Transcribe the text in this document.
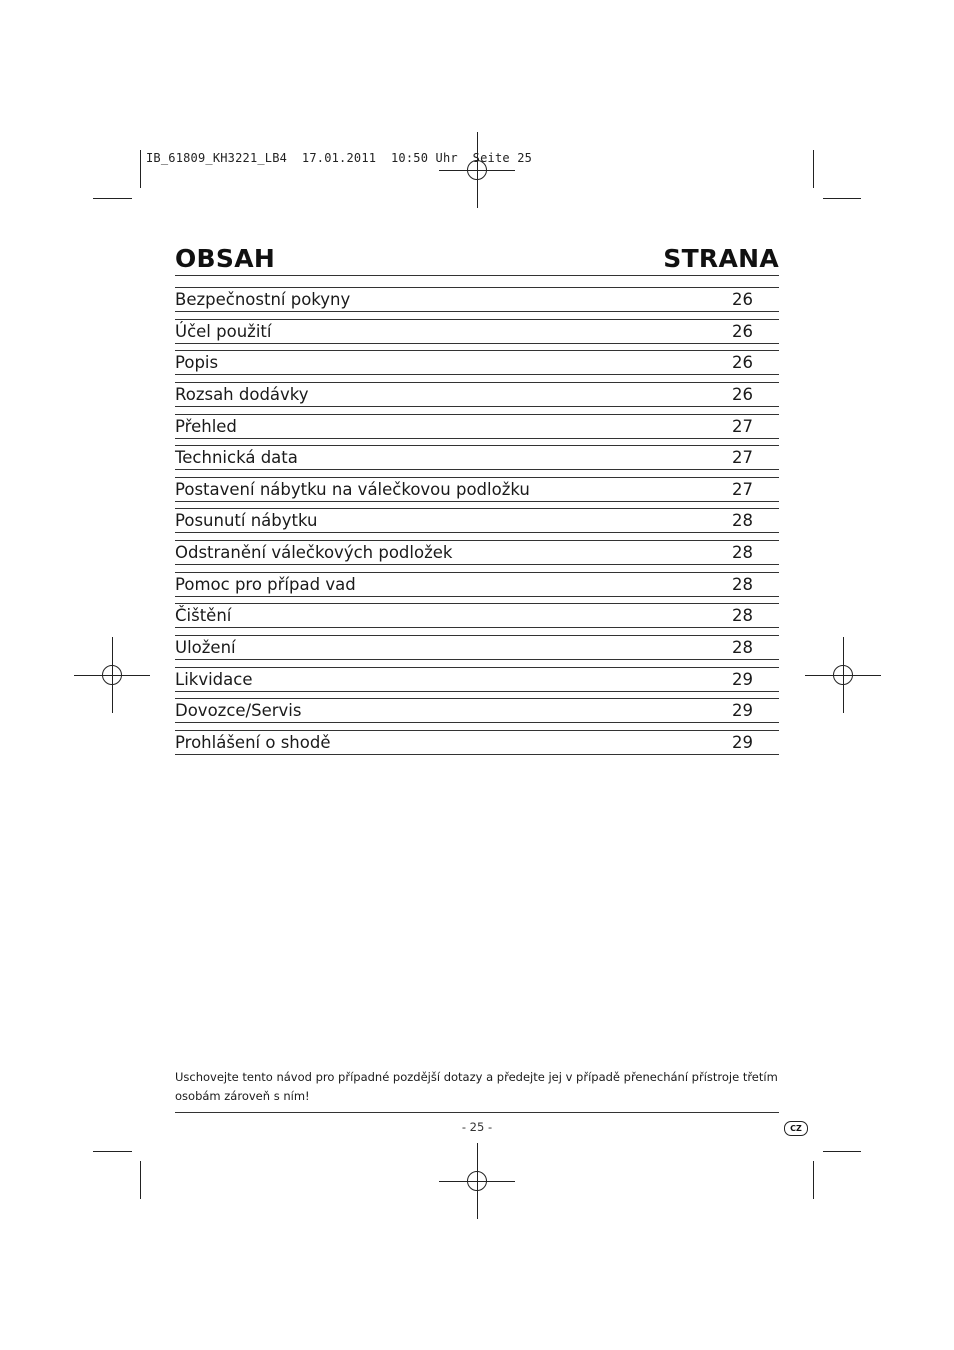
IB_61809_KH3221_LB4  17.01.2011  10:50 Uhr  Seite 25
OBSAH	STRANA
Bezpečnostní pokyny	26
Účel použití	26
Popis	26
Rozsah dodávky	26
Přehled	27
Technická data	27
Postavení nábytku na válečkovou podložku	27
Posunutí nábytku	28
Odstranění válečkových podložek	28
Pomoc pro případ vad	28
Čištění	28
Uložení	28
Likvidace	29
Dovozce/Servis	29
Prohlášení o shodě	29
Uschovejte tento návod pro případné pozdější dotazy a předejte jej v případě přenechání přístroje třetím osobám zároveň s ním!
- 25 -	CZ
